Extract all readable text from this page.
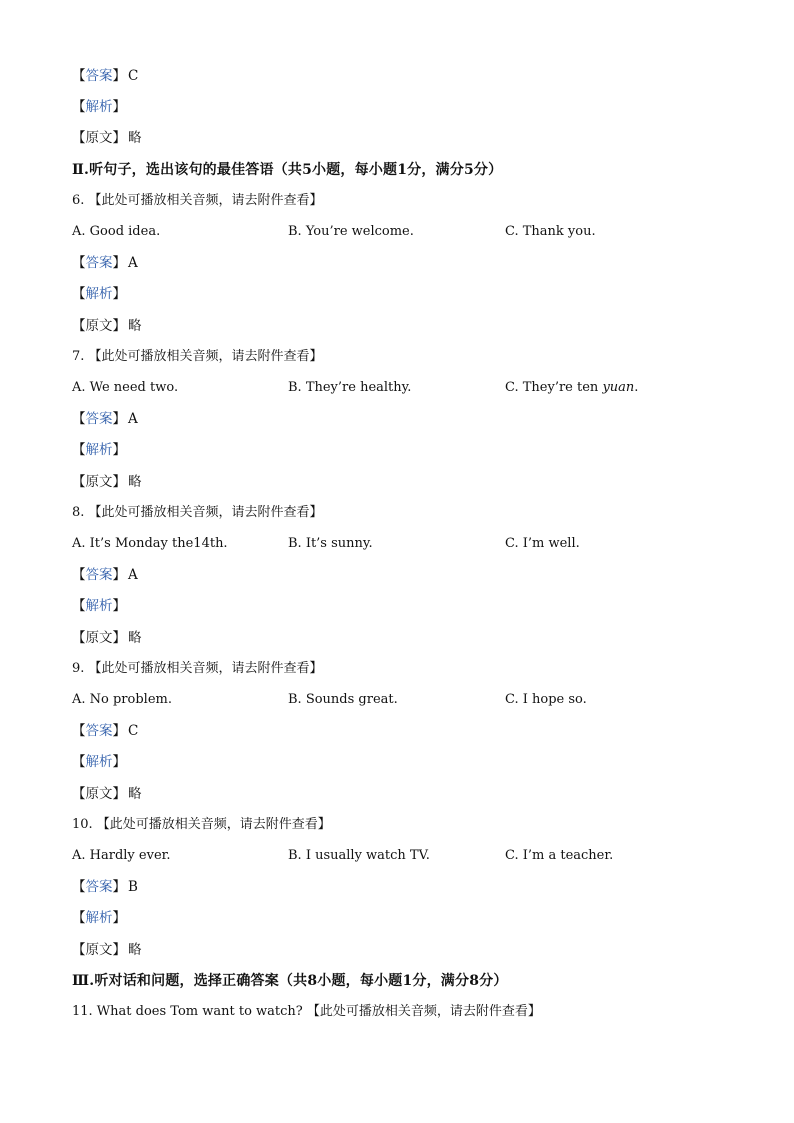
【答案】 C
【解析】
【原文】 略
Ⅱ.听句子，选出该句的最佳答语（共5小题，每小题1分，满分5分）
6. 【此处可播放相关音频，请去附件查看】
A. Good idea.	B. You’re welcome.	C. Thank you.
【答案】 A
【解析】
【原文】 略
7. 【此处可播放相关音频，请去附件查看】
A. We need two.	B. They’re healthy.	C. They’re ten yuan.
【答案】 A
【解析】
【原文】 略
8. 【此处可播放相关音频，请去附件查看】
A. It’s Monday the14th.	B. It’s sunny.	C. I’m well.
【答案】 A
【解析】
【原文】 略
9. 【此处可播放相关音频，请去附件查看】
A. No problem.	B. Sounds great.	C. I hope so.
【答案】 C
【解析】
【原文】 略
10. 【此处可播放相关音频，请去附件查看】
A. Hardly ever.	B. I usually watch TV.	C. I’m a teacher.
【答案】 B
【解析】
【原文】 略
Ⅲ.听对话和问题，选择正确答案（共8小题，每小题1分，满分8分）
11. What does Tom want to watch? 【此处可播放相关音频，请去附件查看】
